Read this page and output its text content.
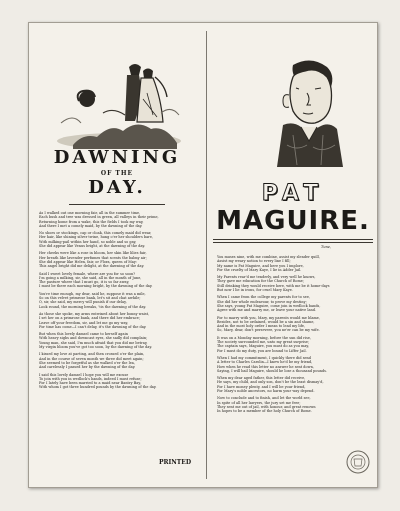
DAWNING
OF THE
DAY.
As I walked out one morning fair, all in the summer time,
Each bush and tree was dressed in green, all valleys in their prime,
Returning home from a wake, this the fields I took my way,
And there I met a comely maid, by the dawning of the day.
No shoes or stockings, cap or cloak, this comely maid did wear,
Her hair, like shining silver twine, hung o'er her shoulders bare,
With milking-pail within her hand, so noble and so gay,
She did appear like Venus bright, at the dawning of the day.
Her cheeks were like a rose in bloom, her skin like lilies fair,
Her breath like lavender perfumes that scents the balmy air;
She did appear like Helen, fair, or Flora, queen of May:
This angel bright did me delight, at the dawning of the day.
Said I sweet lovely female, where are you for so soon?
I'm going a milking, sir, she said, all in the month of June,
The pasture where that I must go, it is so far away,
I must be there each morning bright, by the dawning of the day.
You're time enough, my dear, said he, suppose it was a mile,
So on this velvet primrose bank, let's sit and chat awhile;
O, sir, she said, my mercy will punish if our delay,
Look round, the morning breaks, 'tis the dawning of the day.
As those she spoke, my arms entwined about her bonny waist,
I set her on a primrose bank, and there did her embrace;
Leave off your freedom, sir, and let me go my way,
For time has come—I can't delay, it's the dawning of the day.
But when this lovely damsel came to herself again
With heavy sighs and downcast eyes, she sadly did complain;
Young man, she said, I'm much afraid that you did me betray,
My virgin bloom you've got too soon, by the dawning of the day.
I kissed my love at parting, and then crossed o'er the plain,
And in the course of seven month we three did meet again;
She seemed to be forgetful as she walked o'er the lea,
And carelessly I passed her by the dawning of the day.
I said this lovely damsel I hope you will me excuse
To join with you in wedlock's bands, indeed I must refuse;
For I lately have been married to a maid near Bantry Bay,
With whom I got three hundred pounds by the dawning of the day.
PAT
MAGUIRE.
Tune,
You muses nine, with me combine, assist my slender quill,
Assist my weary notion to every line I fill;
My name is Pat Maguire, and here you I implore,
For the cruelty of Mary Kaye, I lie in Adder Jail.
My Parents rear'd me tenderly, and very well he knows,
They gave me education for the Church of Rome;
Still drinking they would receive here, with me be it home-days
But now I lie in irons, for cruel Mary Kaye.
When I came from the college my parents for to see,
She did her whole endeavour, to prove my destiny;
She says, young Pat Maguire, come join in wedlock bands,
Agree with me and marry me, or leave your native land.
For to marry with you, Mary, my parents would me blame,
Besides, not to be ordained, would be a sin and shame,
And in the most holy order I mean to lead my life,
So, Mary, dear, don't persevere, you ne'er can be my wife.
It was on a Monday morning, before the sun did rise,
The society surrounded me, unto my great surprise;
The captain says, Maguire, you must do as you may,
For I must do my duty, you are bound to Liffer Jail.
When I had my commitment, I quickly there did send
A letter to Charles Carolin—I knew he'd be my friend,
How when he read this letter no answer he sent down,
Saying, I will bail Maguire, should he lose a thousand pounds.
When my dear aged father, this letter did receive,
He says, my child, and only son, don't be the least dismay'd,
For I have money plenty, and I will be your friend,
For Mary's noble ancestors, no harm your way depend.
Now to conclude and to finish, and let the world see,
In spite of all her lawyers, the jury set me free;
They sent me out of jail, with honour, and great renown
In hopes to be a member of the holy Church of Rome.
PRINTED
